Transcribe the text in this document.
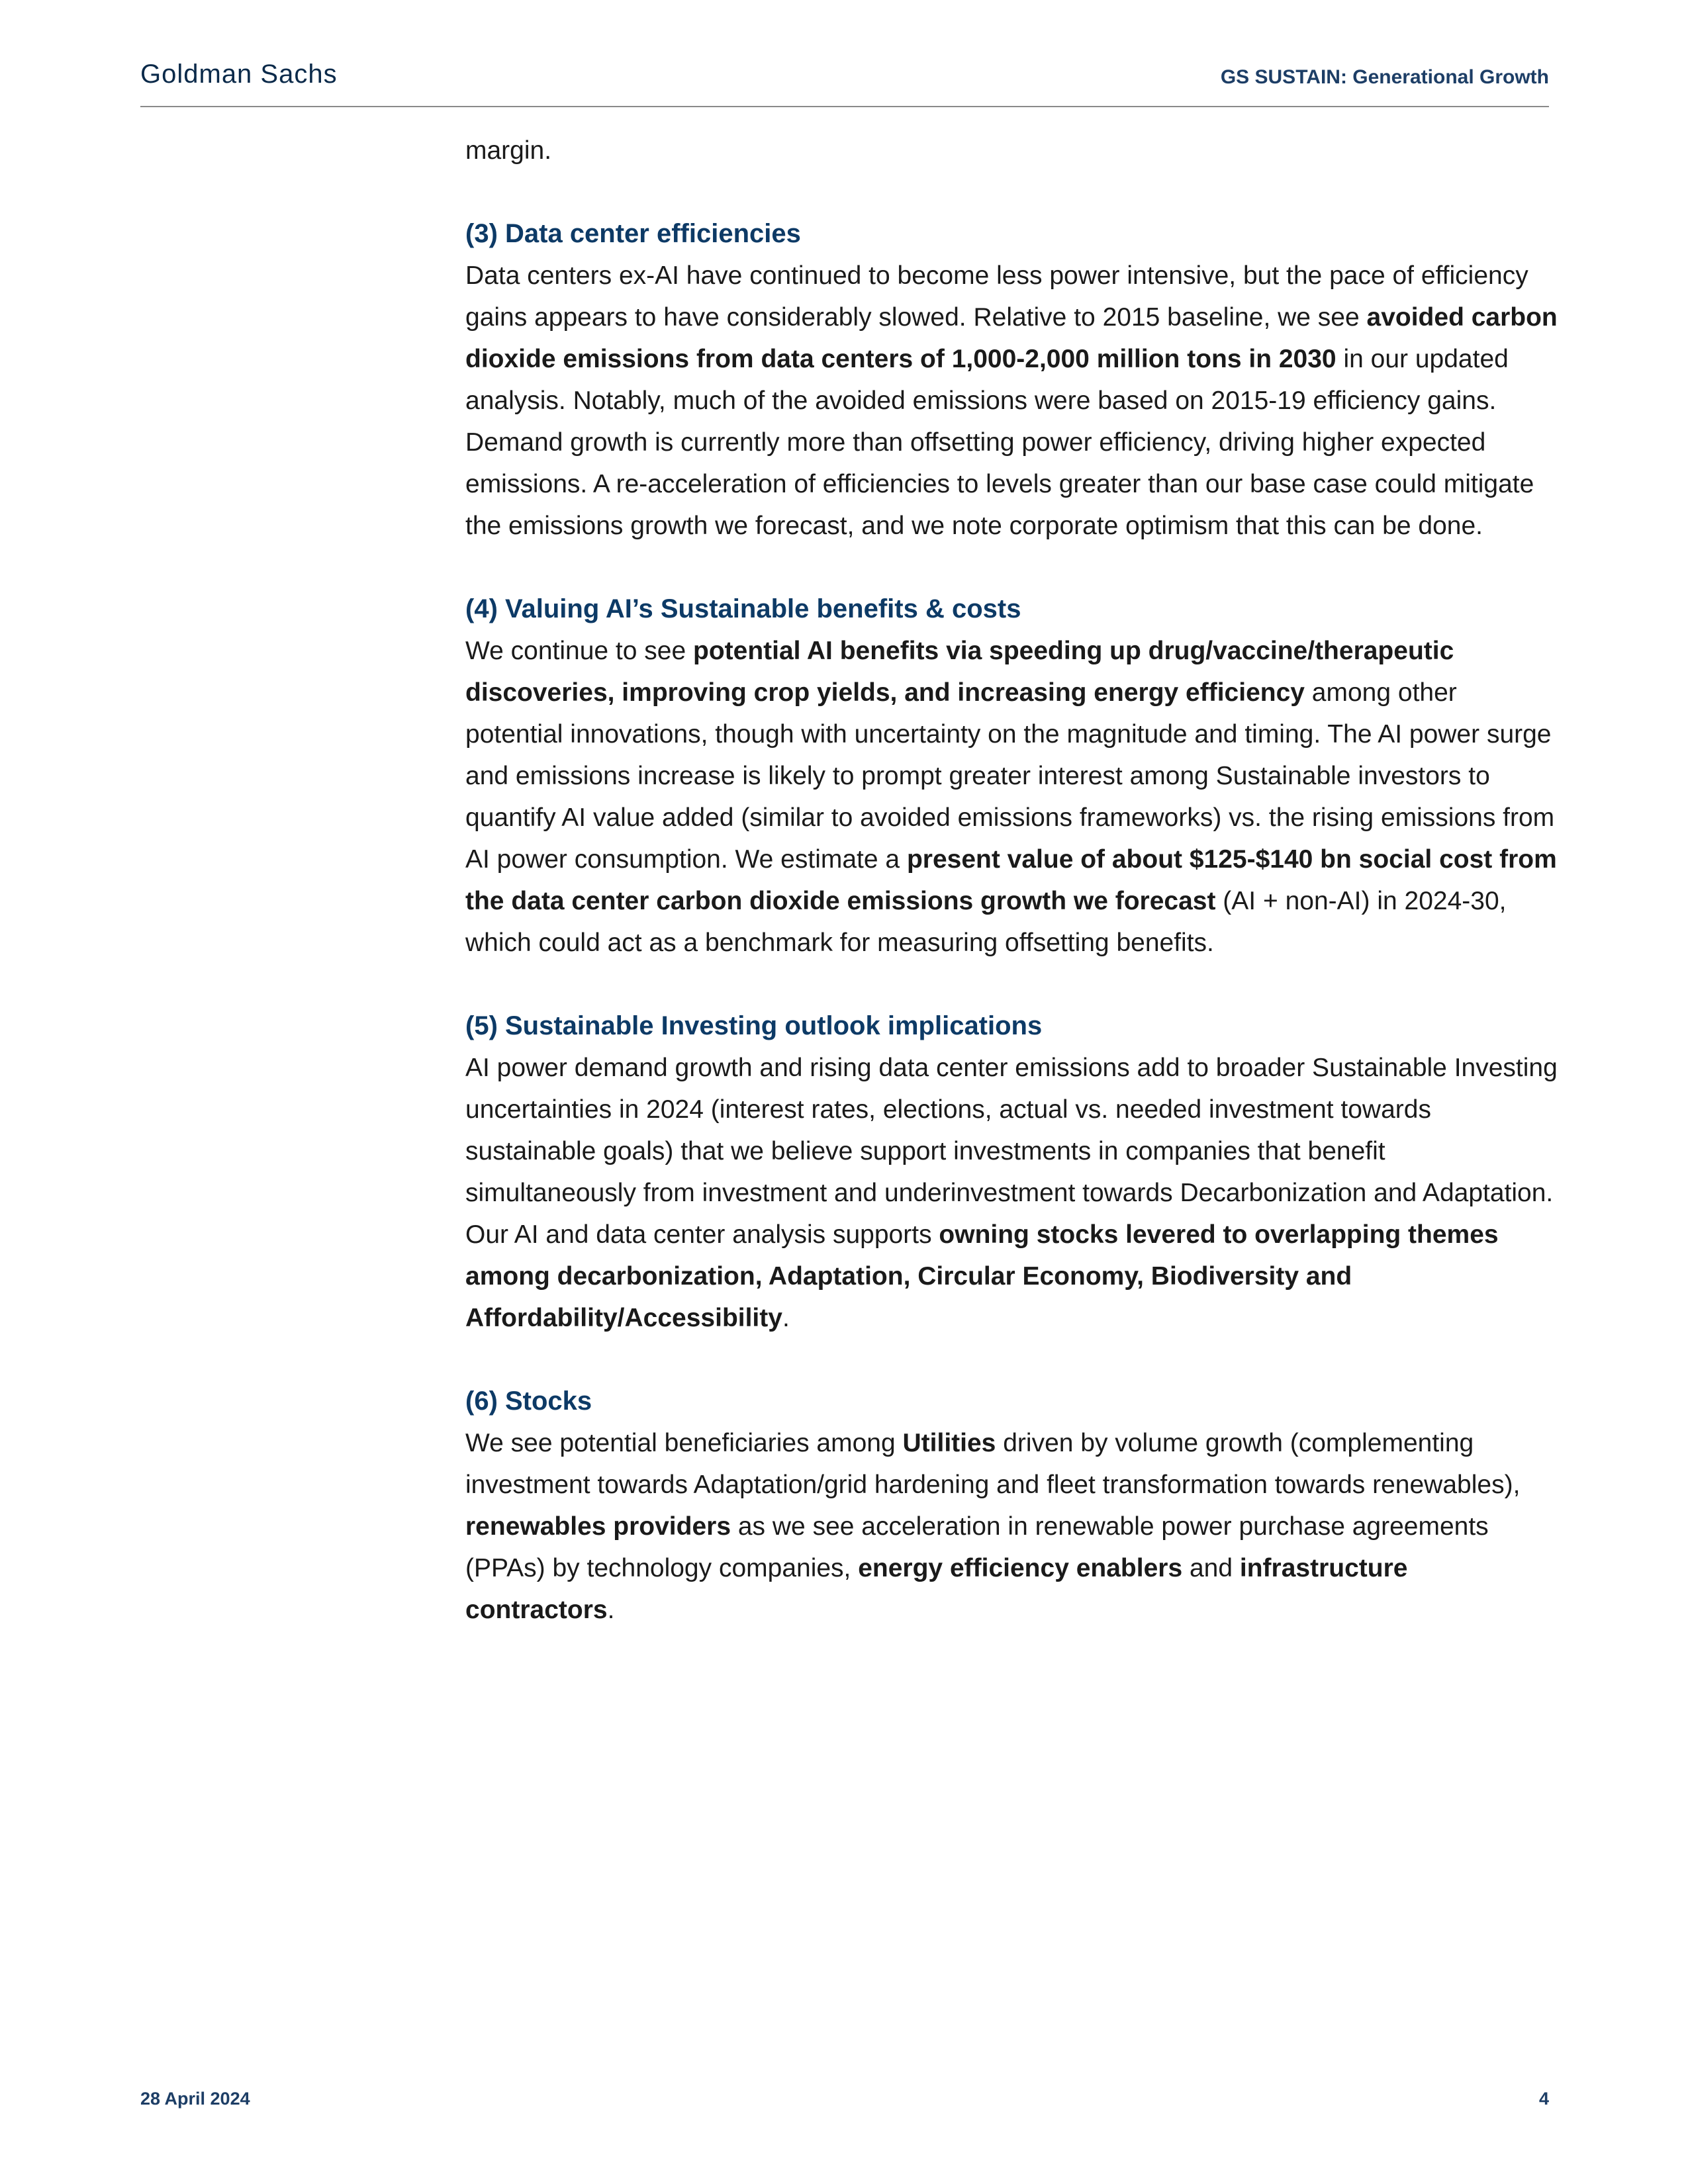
Goldman Sachs	GS SUSTAIN: Generational Growth

margin.

(3) Data center efficiencies

Data centers ex-AI have continued to become less power intensive, but the pace of efficiency gains appears to have considerably slowed. Relative to 2015 baseline, we see avoided carbon dioxide emissions from data centers of 1,000-2,000 million tons in 2030 in our updated analysis. Notably, much of the avoided emissions were based on 2015-19 efficiency gains. Demand growth is currently more than offsetting power efficiency, driving higher expected emissions. A re-acceleration of efficiencies to levels greater than our base case could mitigate the emissions growth we forecast, and we note corporate optimism that this can be done.

(4) Valuing AI’s Sustainable benefits & costs

We continue to see potential AI benefits via speeding up drug/vaccine/therapeutic discoveries, improving crop yields, and increasing energy efficiency among other potential innovations, though with uncertainty on the magnitude and timing. The AI power surge and emissions increase is likely to prompt greater interest among Sustainable investors to quantify AI value added (similar to avoided emissions frameworks) vs. the rising emissions from AI power consumption. We estimate a present value of about $125-$140 bn social cost from the data center carbon dioxide emissions growth we forecast (AI + non-AI) in 2024-30, which could act as a benchmark for measuring offsetting benefits.

(5) Sustainable Investing outlook implications

AI power demand growth and rising data center emissions add to broader Sustainable Investing uncertainties in 2024 (interest rates, elections, actual vs. needed investment towards sustainable goals) that we believe support investments in companies that benefit simultaneously from investment and underinvestment towards Decarbonization and Adaptation. Our AI and data center analysis supports owning stocks levered to overlapping themes among decarbonization, Adaptation, Circular Economy, Biodiversity and Affordability/Accessibility.

(6) Stocks

We see potential beneficiaries among Utilities driven by volume growth (complementing investment towards Adaptation/grid hardening and fleet transformation towards renewables), renewables providers as we see acceleration in renewable power purchase agreements (PPAs) by technology companies, energy efficiency enablers and infrastructure contractors.

28 April 2024	4
